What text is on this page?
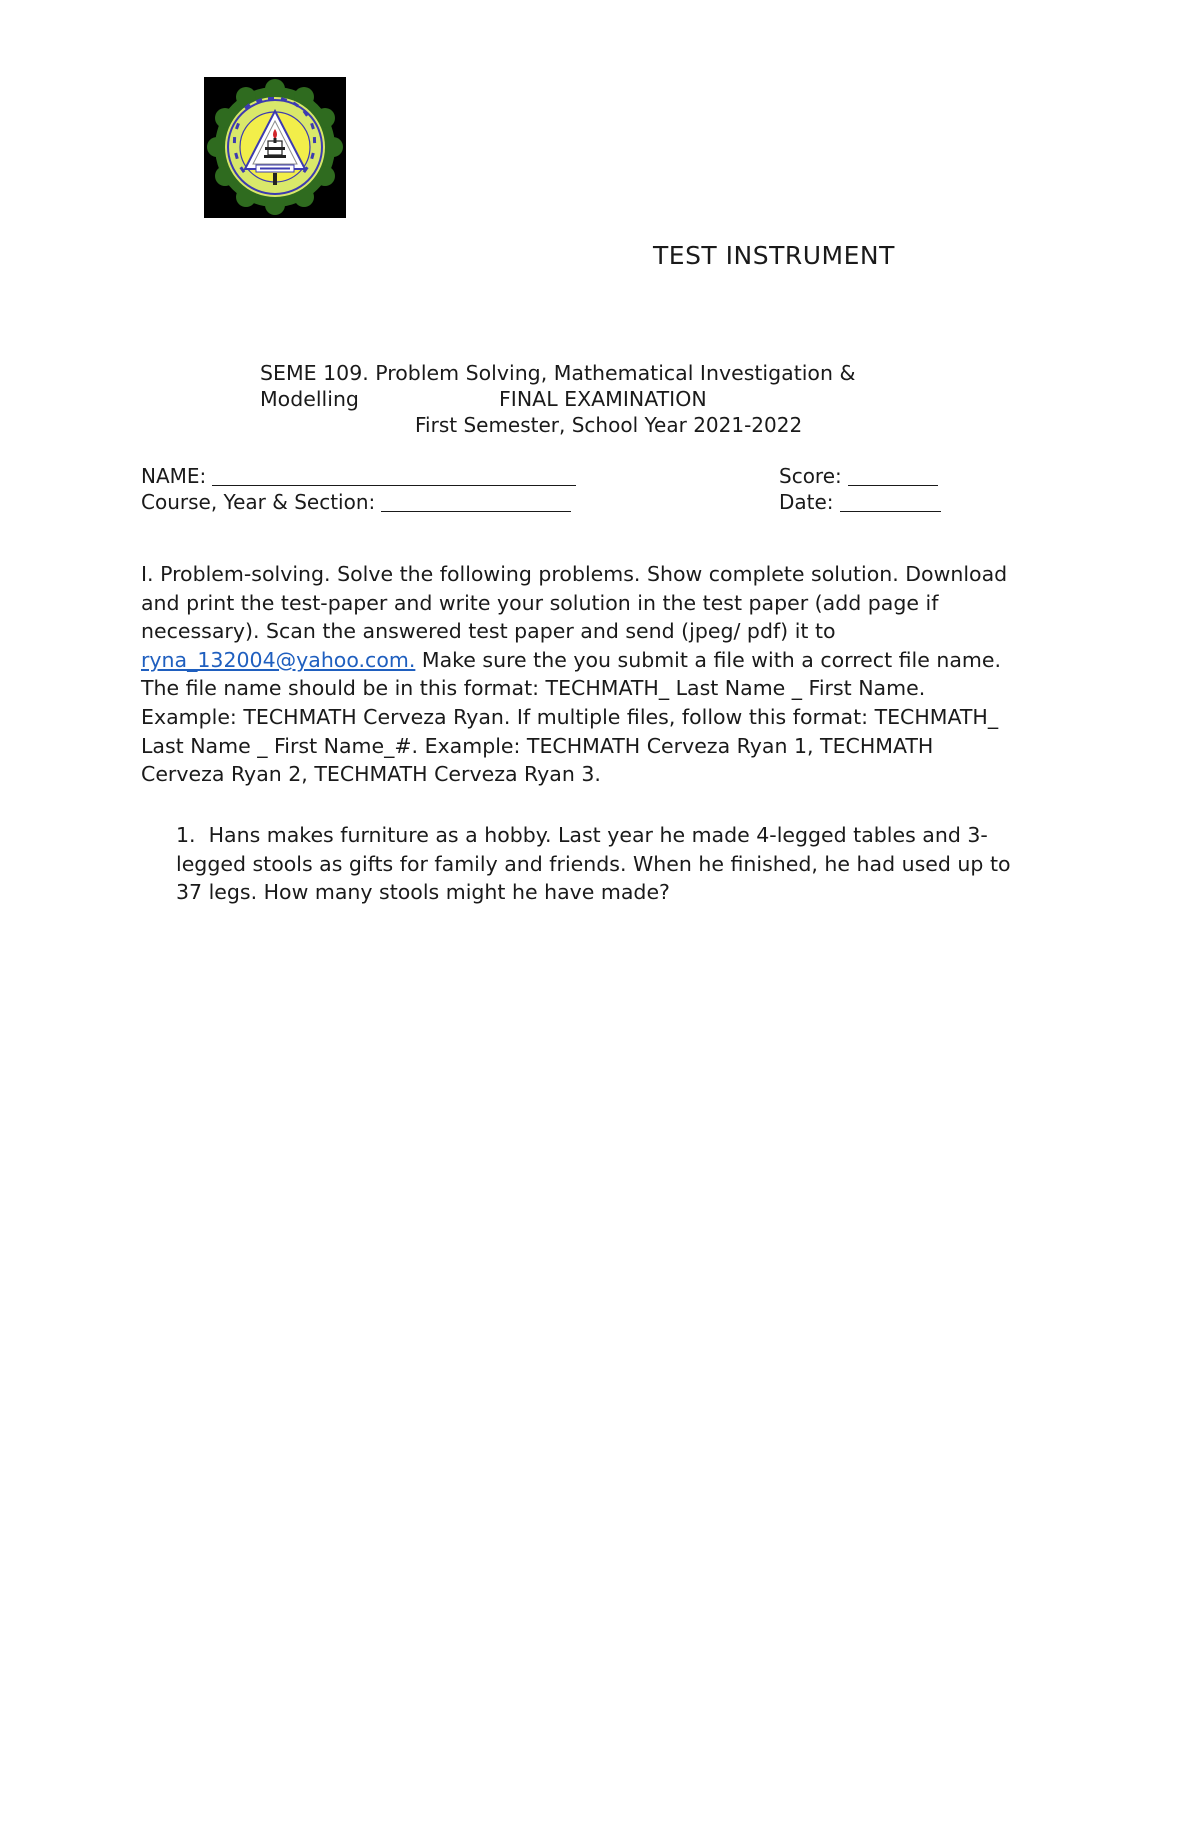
TEST INSTRUMENT
SEME 109. Problem Solving, Mathematical Investigation &
Modelling	FINAL EXAMINATION
First Semester, School Year 2021-2022
NAME:
Course, Year & Section:
Score:
Date:
I. Problem-solving. Solve the following problems. Show complete solution. Download
and print the test-paper and write your solution in the test paper (add page if
necessary). Scan the answered test paper and send (jpeg/ pdf) it to
ryna_132004@yahoo.com. Make sure the you submit a file with a correct file name.
The file name should be in this format: TECHMATH_ Last Name _ First Name.
Example: TECHMATH Cerveza Ryan. If multiple files, follow this format: TECHMATH_
Last Name _ First Name_#. Example: TECHMATH Cerveza Ryan 1, TECHMATH
Cerveza Ryan 2, TECHMATH Cerveza Ryan 3.
1. Hans makes furniture as a hobby. Last year he made 4-legged tables and 3-
legged stools as gifts for family and friends. When he finished, he had used up to
37 legs. How many stools might he have made?
